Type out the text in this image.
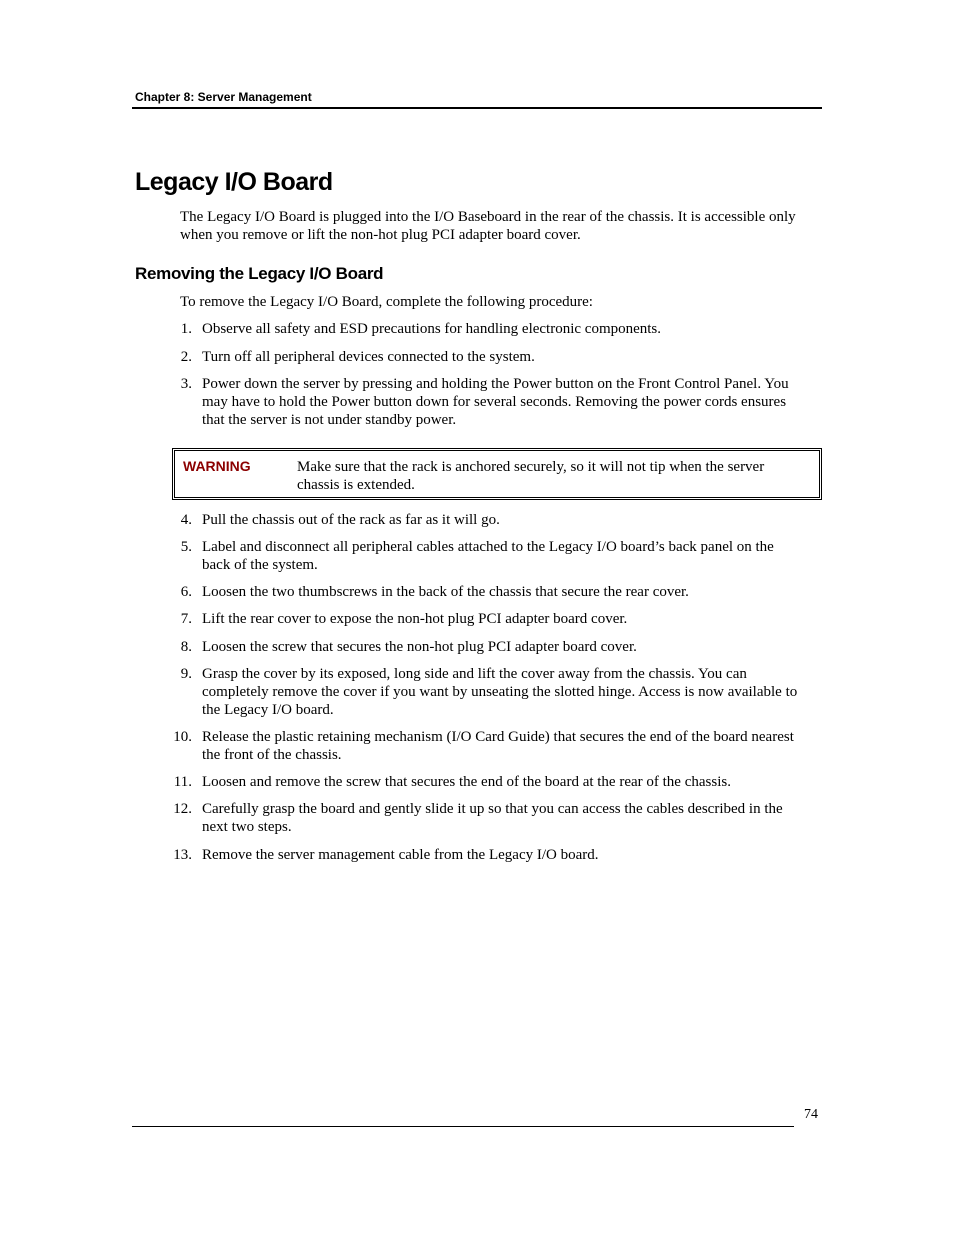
Chapter 8: Server Management
Legacy I/O Board
The Legacy I/O Board is plugged into the I/O Baseboard in the rear of the chassis. It is accessible only when you remove or lift the non-hot plug PCI adapter board cover.
Removing the Legacy I/O Board
To remove the Legacy I/O Board, complete the following procedure:
1. Observe all safety and ESD precautions for handling electronic components.
2. Turn off all peripheral devices connected to the system.
3. Power down the server by pressing and holding the Power button on the Front Control Panel. You may have to hold the Power button down for several seconds. Removing the power cords ensures that the server is not under standby power.
WARNING	Make sure that the rack is anchored securely, so it will not tip when the server chassis is extended.
4. Pull the chassis out of the rack as far as it will go.
5. Label and disconnect all peripheral cables attached to the Legacy I/O board’s back panel on the back of the system.
6. Loosen the two thumbscrews in the back of the chassis that secure the rear cover.
7. Lift the rear cover to expose the non-hot plug PCI adapter board cover.
8. Loosen the screw that secures the non-hot plug PCI adapter board cover.
9. Grasp the cover by its exposed, long side and lift the cover away from the chassis. You can completely remove the cover if you want by unseating the slotted hinge. Access is now available to the Legacy I/O board.
10. Release the plastic retaining mechanism (I/O Card Guide) that secures the end of the board nearest the front of the chassis.
11. Loosen and remove the screw that secures the end of the board at the rear of the chassis.
12. Carefully grasp the board and gently slide it up so that you can access the cables described in the next two steps.
13. Remove the server management cable from the Legacy I/O board.
74
